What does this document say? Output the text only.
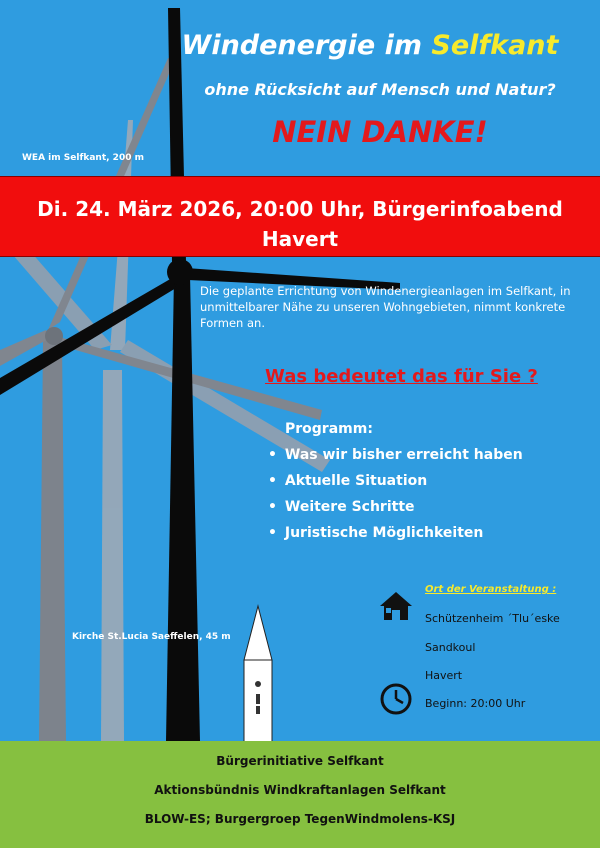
Windenergie im Selfkant
ohne Rücksicht auf Mensch und Natur?
NEIN DANKE!
WEA im Selfkant, 200 m
Di. 24. März 2026, 20:00 Uhr, Bürgerinfoabend
Havert
Die geplante Errichtung von Windenergieanlagen im Selfkant, in unmittelbarer Nähe zu unseren Wohngebieten, nimmt konkrete Formen an.
Was bedeutet das für Sie ?
Programm:
• Was wir bisher erreicht haben
• Aktuelle Situation
• Weitere Schritte
• Juristische Möglichkeiten
Ort der Veranstaltung :
Schützenheim ´Tlu´eske
Sandkoul
Havert
Beginn: 20:00 Uhr
Kirche St.Lucia Saeffelen, 45 m
Bürgerinitiative Selfkant
Aktionsbündnis Windkraftanlagen Selfkant
BLOW-ES; Burgergroep TegenWindmolens-KSJ
